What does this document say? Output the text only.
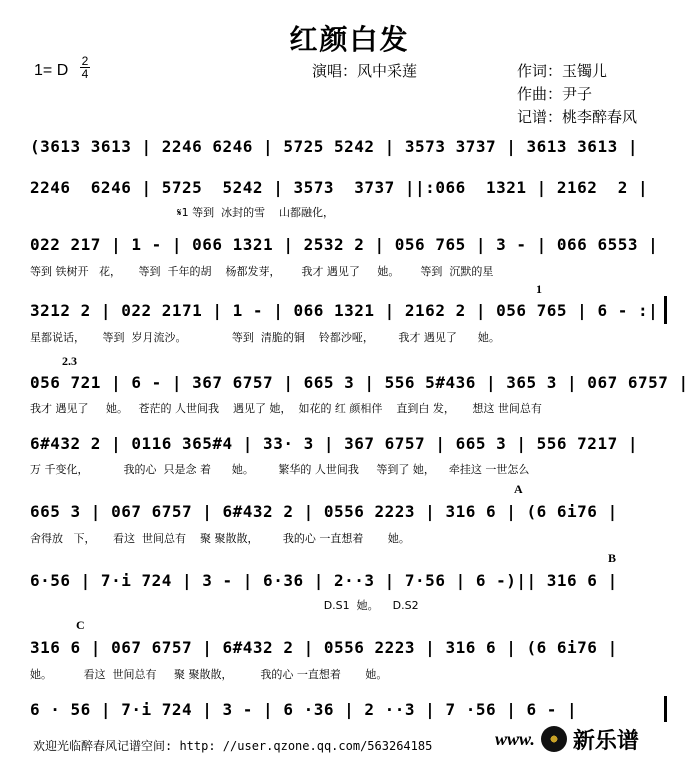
红颜白发
1= D
2
4	演唱：风中采莲	作词：玉镯儿
作曲：尹子
记谱：桃李醉春风
(3613 3613 | 2246 6246 | 5725 5242 | 3573 3737 | 3613 3613 |
2246  6246 | 5725  5242 | 3573  3737 ||:066  1321 | 2162  2 |
𝄋1 等到  冰封的雪    山都融化，
022 217 | 1 - | 066 1321 | 2532 2 | 056 765 | 3 - | 066 6553 |
等到 铁树开   花，     等到  千年的胡    杨都发芽，      我才 遇见了     她。      等到  沉默的星
1
3212 2 | 022 2171 | 1 - | 066 1321 | 2162 2 | 056 765 | 6 - :|
星都说话，     等到  岁月流沙。             等到  清脆的铜    铃都沙哑，       我才 遇见了      她。
2.3
056 721 | 6 - | 367 6757 | 665 3 | 556 5#436 | 365 3 | 067 6757 |
我才 遇见了     她。   苍茫的 人世间我    遇见了 她，  如花的 红 颜相伴    直到白 发，     想这 世间总有
6#432 2 | 0116 365#4 | 33· 3 | 367 6757 | 665 3 | 556 7217 |
万 千变化，          我的心  只是念 着      她。       繁华的 人世间我     等到了 她，    牵挂这 一世怎么
A
665 3 | 067 6757 | 6#432 2 | 0556 2223 | 316 6 | (6 6i76 |
舍得放   下，     看这  世间总有    聚 聚散散，       我的心 一直想着       她。
B
6·56 | 7·i 724 | 3 - | 6·36 | 2··3 | 7·56 | 6 -)|| 316 6 |
D.S1  她。    D.S2
C
316 6 | 067 6757 | 6#432 2 | 0556 2223 | 316 6 | (6 6i76 |
她。         看这  世间总有     聚 聚散散，        我的心 一直想着       她。
6 · 56 | 7·i 724 | 3 - | 6 ·36 | 2 ··3 | 7 ·56 | 6 - |
欢迎光临醉春风记谱空间: http: //user.qzone.qq.com/563264185	www. 新乐谱
